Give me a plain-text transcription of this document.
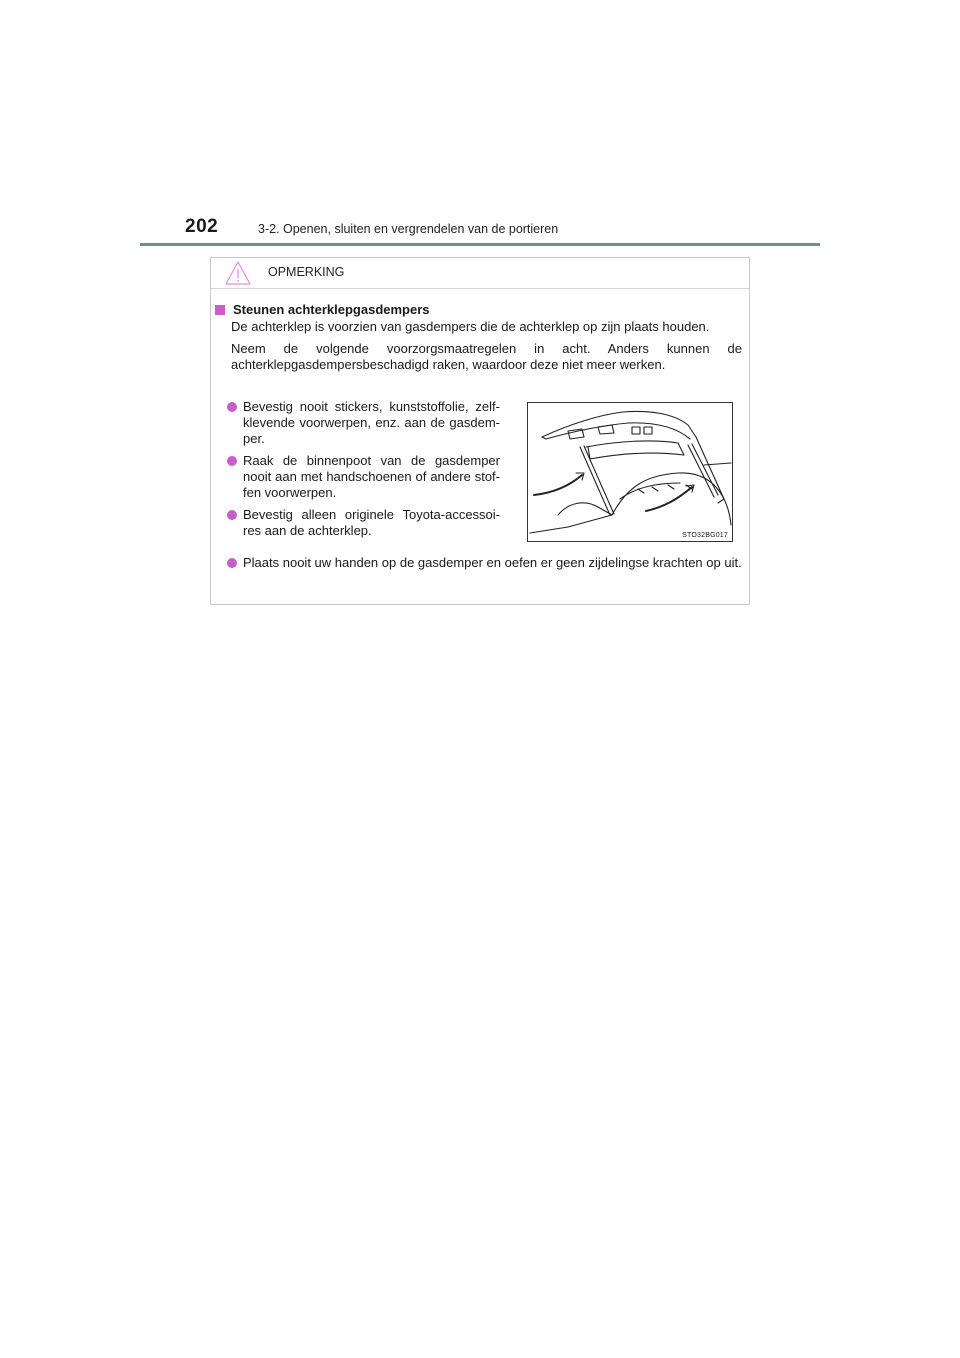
202	3-2. Openen, sluiten en vergrendelen van de portieren
OPMERKING
Steunen achterklepgasdempers
De achterklep is voorzien van gasdempers die de achterklep op zijn plaats houden.
Neem de volgende voorzorgsmaatregelen in acht. Anders kunnen de achterklepgasdempersbeschadigd raken, waardoor deze niet meer werken.
Bevestig nooit stickers, kunststoffolie, zelf-klevende voorwerpen, enz. aan de gasdem-per.
Raak de binnenpoot van de gasdemper nooit aan met handschoenen of andere stof-fen voorwerpen.
Bevestig alleen originele Toyota-accessoi-res aan de achterklep.
Plaats nooit uw handen op de gasdemper en oefen er geen zijdelingse krachten op uit.
STO32BG017
